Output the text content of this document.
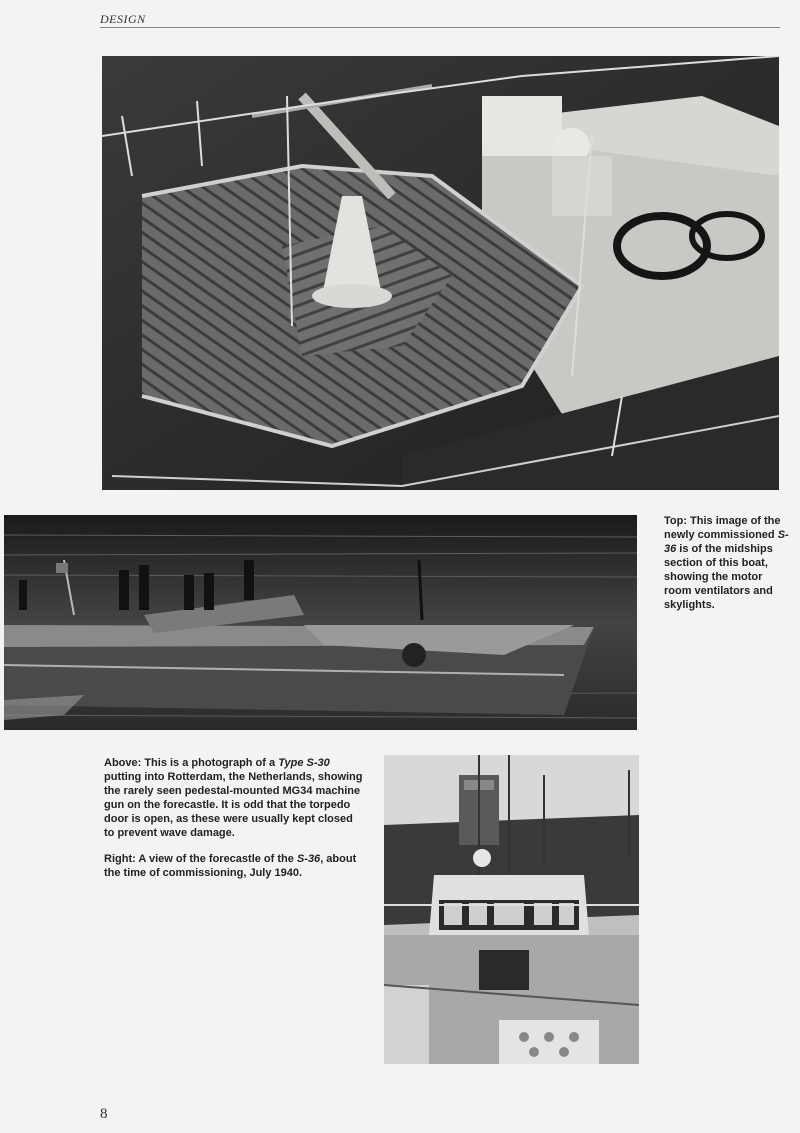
DESIGN
Top: This image of the newly commissioned S-36 is of the midships section of this boat, showing the motor room ventilators and skylights.
Above: This is a photograph of a Type S-30 putting into Rotterdam, the Netherlands, showing the rarely seen pedestal-mounted MG34 machine gun on the forecastle. It is odd that the torpedo door is open, as these were usually kept closed to prevent wave damage.
Right: A view of the forecastle of the S-36, about the time of commissioning, July 1940.
8
